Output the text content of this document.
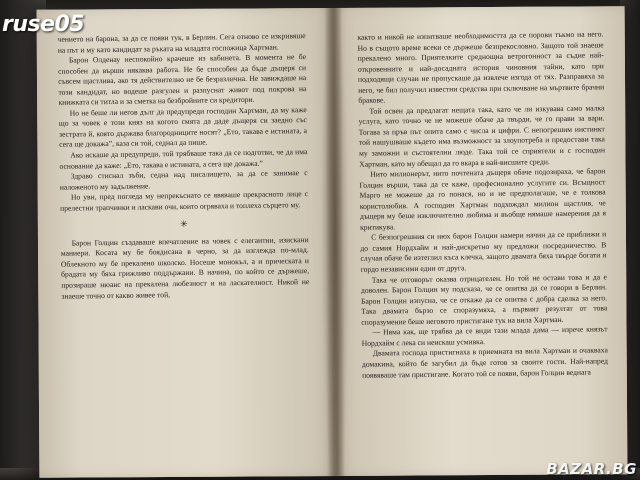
чението на барона, за да се появи тук, в Берлин. Сега отново се изкривяше на път и му като кандидат за ръката на младата госпожица Хартман.

Барон Олденау неспокойно крачеше из кабинета. В момента не бе способен да върши някаква работа. Не бе способен да бъде дъщеря си съвсем щастлива, ако тя действително не бе безразлична. Не завиждаше на този кандидат, но водеше разгулен и разпуснат живот под покрова на книжката си титла и за сметка на безбройните си кредитори.

Но не беше ли негов дълг да предупреди господин Хартман, да му каже що за човек е този княз на когото смята да даде дъщеря си заедно със зестрата й, която държава благородниците носят? „Ето, такава е истината, а сега ще докажа”, каза си той, седнал да пише.

Ако искаше да предупреди, той трябваше така да се подготви, че да има основание да каже: „Ето, такава е истината, а сега ще докажа.”

Здраво стиснал зъби, седна над писалището, за да се занимае с наложеното му задължение.

Но увн, пред погледа му непрекъснато се явяваше прекрасното лице с прелестни трапчинки и ласкави очи, които огряваха и топлеха сърцето му.

✳

Барон Голцин създаваше впечатление на човек с елегантни, изискани маниери. Косата му бе боядисана в черно, за да изглежда по-млад. Облекното му бе прекалено школско. Носеше монокъл, а и прическата и брадата му бяха грижливо поддържани. В начина, по който се държеше, прозираше нюанс на прекалена любезност и на ласкателност. Никой не знаеше точно от какво живее той,

както и никой не изпитваше необходимостта да се порови тъкмо на него. Но в същото време всеки се държеше безпрекословно. Защото той знаеше прекалено много. Приятелките среднощна ветрогонност за съдие най-откровенните и най-досадната история чиновния тайни, като при подходящи случаи не пропускаше да извлече изгода от тях. Разправяха за него, че бил получил известни средства при сключване на мъртвите брачни бракове.

Той освен да предлагат нещата така, като че ли изкувава само малка услуга, като точно че не можеше обаче да твърди, че го прави за вари. Тогава за пръв път опита само с числа и цифри. С непогрешим инстинкт той нашушваше където има възможност за злоупотреба и предостави така му заможни и състоятелни люде. Така той се сприятели и с господин Хартман, като му обещал да го вкара в най-висшите среди.

Нито милионерът, нито почтената дъщеря обаче подозираха, че барон Голцин върши, така да се каже, професионално услугите си. Всъщност Марго не можеше да го понася, но и не предполагаше, че е толкова користолюбив. А господин Хартман подхождал милион щастлив, че дъщеря му беше изключително любима и въобще нямаше намерения да я критикува.

С безпогрешния си нюх барон Голцин намери начин да се приближи и до самия Нордхайм и най-дискретно му предложи посредничество. В случая обаче бе изтеглил къса клечка, защото двамата бяха твърде богати и гордо независими един от друга.

Така че отговорът оказва отрицателен. Но той не остави това и да е доволен. Барон Голцин му подсказа, че се опитва да се говори в Берлин. Барон Голцин изпусна, че се откаже да се опитва с добра сделка за него. Така двамата бързо се споразумяха, а първият резултат от това споразумение беше неговото пристигане тук на вила Хартман.

— Няма как, ще трябва да се види тази млада дама — изрече князът Нордхайм с лека си неискаш усмивка.

Двамата господа пристигнаха в приемната на вила Хартман и очакваха домакина, който бе загубил да бъде готов за своите гости. Най-напред появяваше там пристигане. Когато той се появи, барон Голцин веднага

ruse05
BAZAR.BG
